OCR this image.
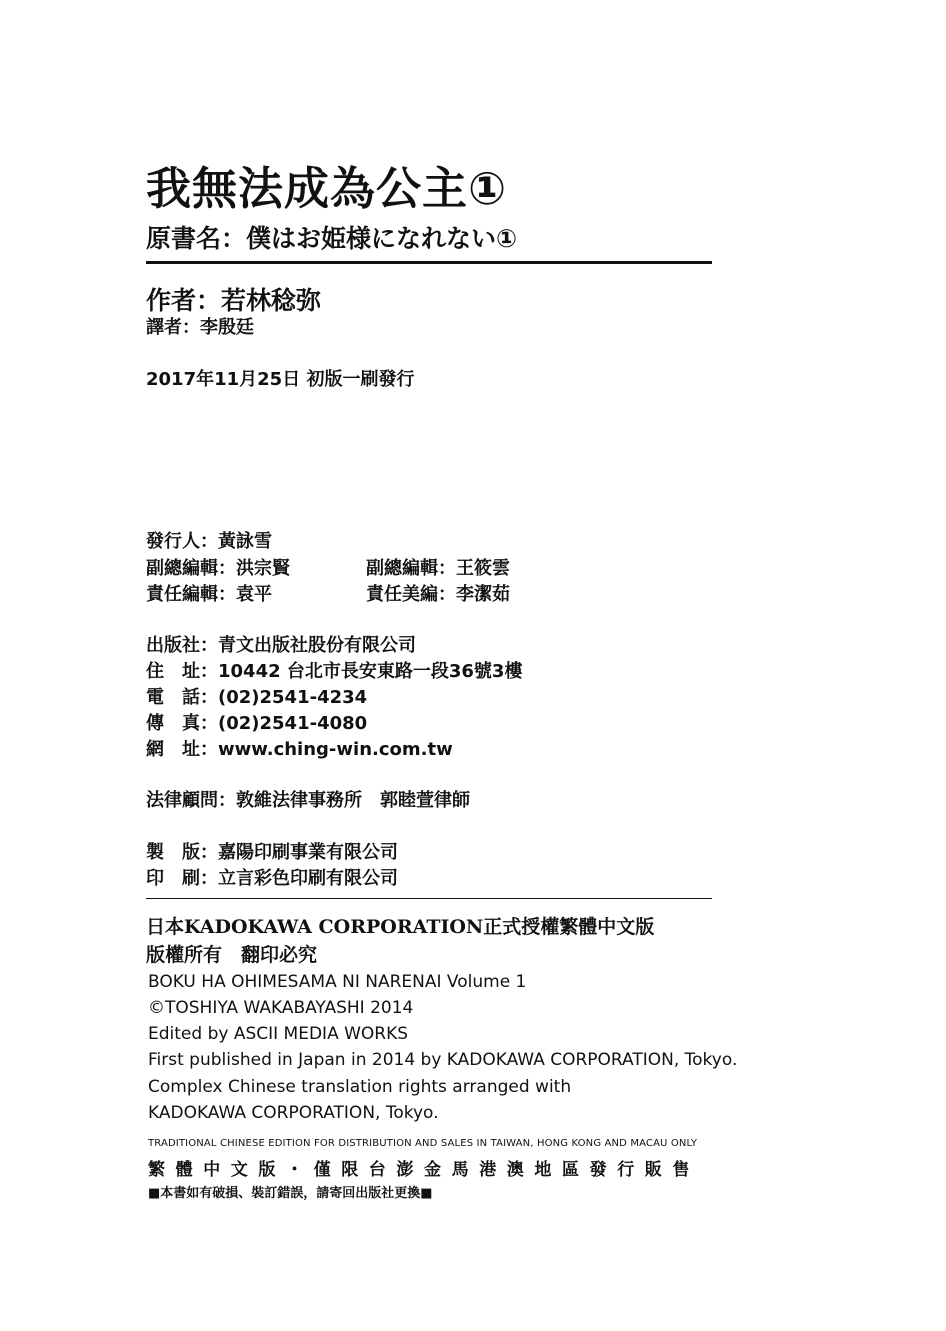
我無法成為公主①
原書名：僕はお姫様になれない①
作者：若林稔弥
譯者：李殷廷
2017年11月25日 初版一刷發行
發行人：黃詠雪
副總編輯：洪宗賢	副總編輯：王筱雲
責任編輯：袁平	責任美編：李潔茹
出版社：青文出版社股份有限公司
住　址：10442 台北市長安東路一段36號3樓
電　話：(02)2541-4234
傳　真：(02)2541-4080
網　址：www.ching-win.com.tw
法律顧問：敦維法律事務所　郭睦萱律師
製　版：嘉陽印刷事業有限公司
印　刷：立言彩色印刷有限公司
日本KADOKAWA CORPORATION正式授權繁體中文版
版權所有　翻印必究
BOKU HA OHIMESAMA NI NARENAI Volume 1
©TOSHIYA WAKABAYASHI 2014
Edited by ASCII MEDIA WORKS
First published in Japan in 2014 by KADOKAWA CORPORATION, Tokyo.
Complex Chinese translation rights arranged with
KADOKAWA CORPORATION, Tokyo.
TRADITIONAL CHINESE EDITION FOR DISTRIBUTION AND SALES IN TAIWAN, HONG KONG AND MACAU ONLY
繁體中文版・僅限台澎金馬港澳地區發行販售
■本書如有破損、裝訂錯誤，請寄回出版社更換■
